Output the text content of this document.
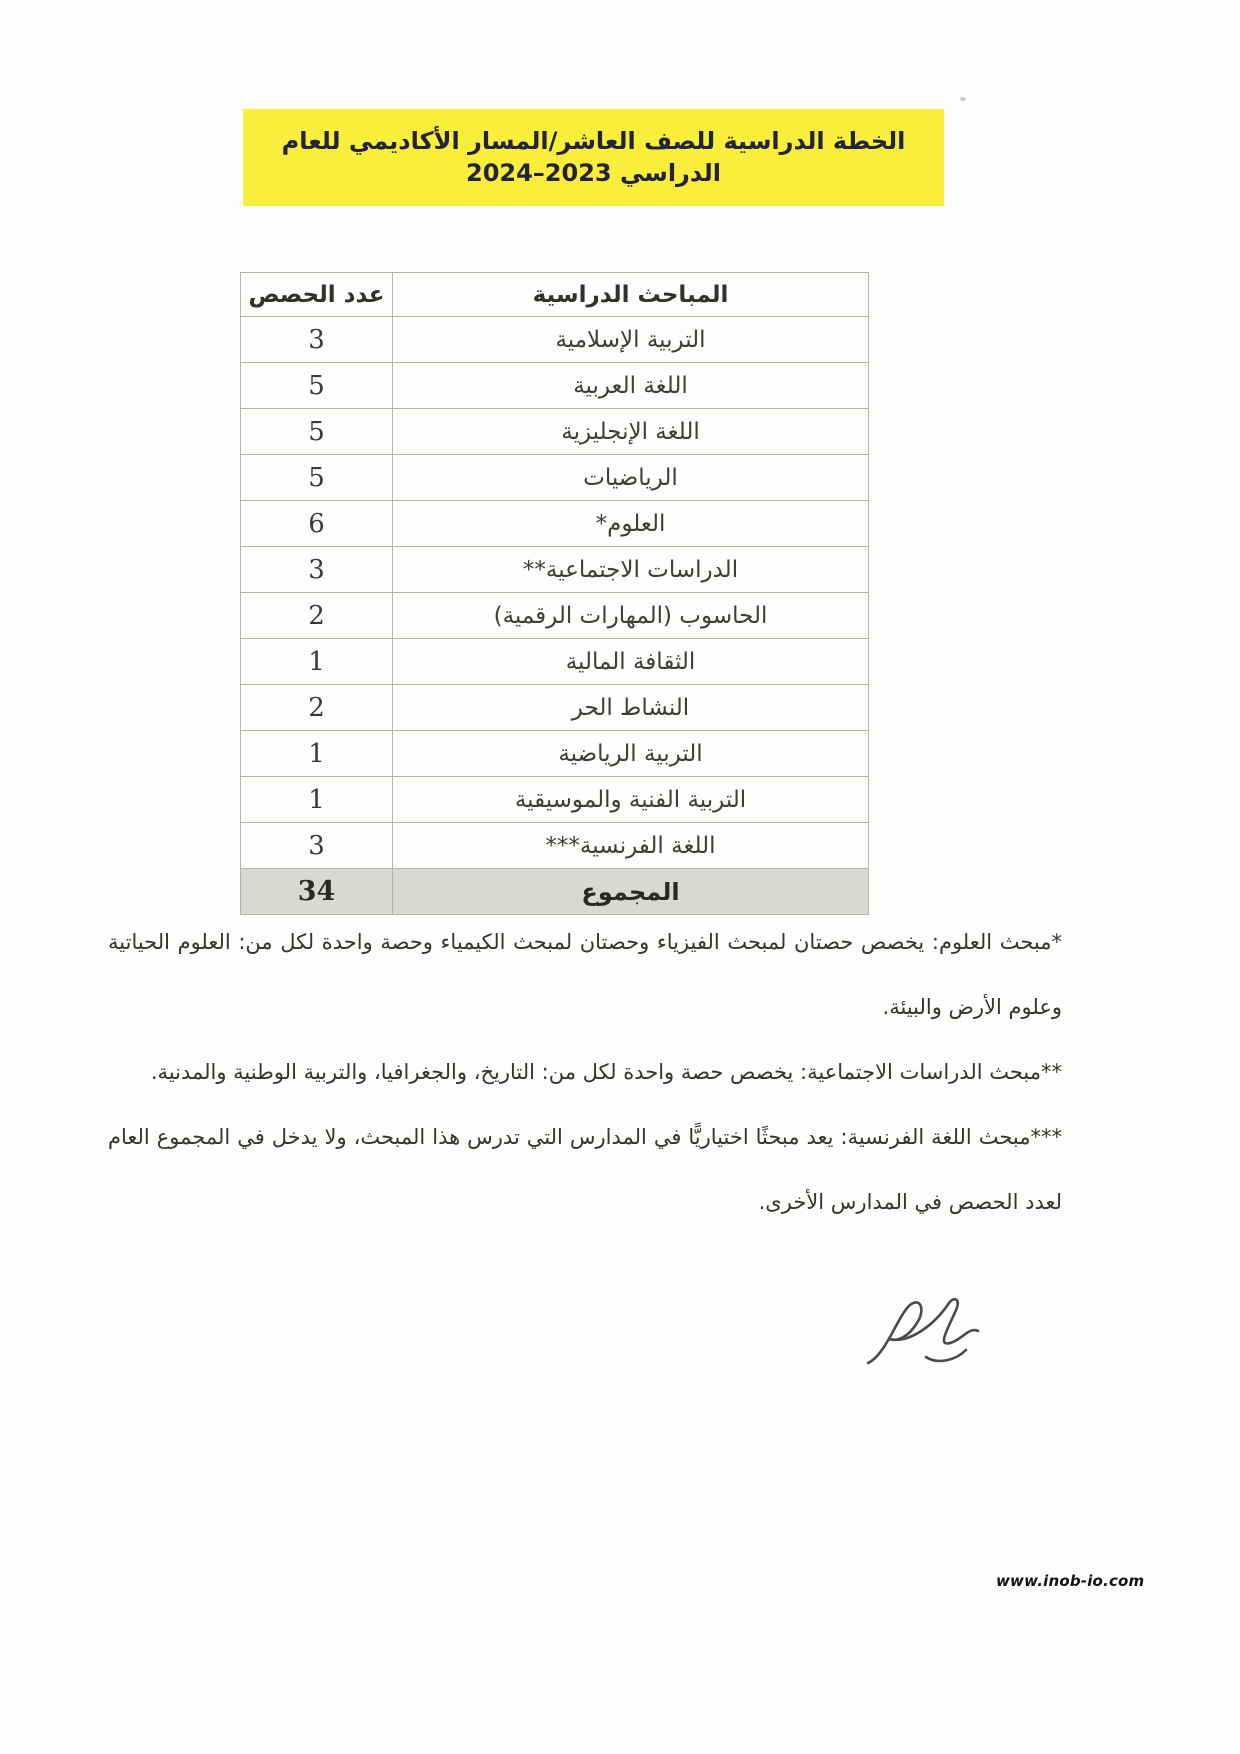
الخطة الدراسية للصف العاشر/المسار الأكاديمي للعام الدراسي 2023–2024
المباحث الدراسية	عدد الحصص
التربية الإسلامية	3
اللغة العربية	5
اللغة الإنجليزية	5
الرياضيات	5
العلوم*	6
الدراسات الاجتماعية**	3
الحاسوب (المهارات الرقمية)	2
الثقافة المالية	1
النشاط الحر	2
التربية الرياضية	1
التربية الفنية والموسيقية	1
اللغة الفرنسية***	3
المجموع	34

*مبحث العلوم: يخصص حصتان لمبحث الفيزياء وحصتان لمبحث الكيمياء وحصة واحدة لكل من: العلوم الحياتية وعلوم الأرض والبيئة.

**مبحث الدراسات الاجتماعية: يخصص حصة واحدة لكل من: التاريخ، والجغرافيا، والتربية الوطنية والمدنية.

***مبحث اللغة الفرنسية: يعد مبحثًا اختياريًّا في المدارس التي تدرس هذا المبحث، ولا يدخل في المجموع العام لعدد الحصص في المدارس الأخرى.

www.inob-io.com
